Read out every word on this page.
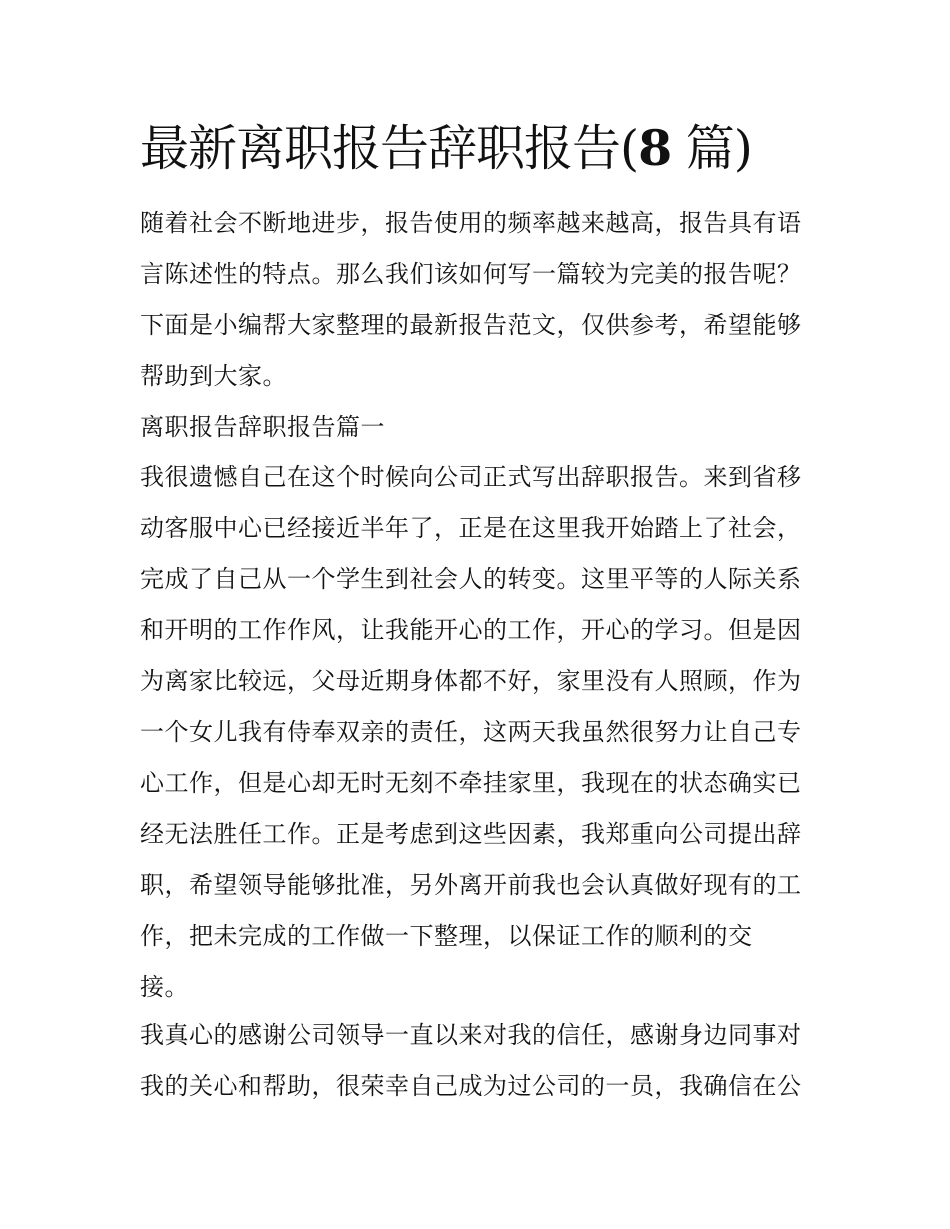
最新离职报告辞职报告(8 篇)
随着社会不断地进步，报告使用的频率越来越高，报告具有语
言陈述性的特点。那么我们该如何写一篇较为完美的报告呢？
下面是小编帮大家整理的最新报告范文，仅供参考，希望能够
帮助到大家。
离职报告辞职报告篇一
我很遗憾自己在这个时候向公司正式写出辞职报告。来到省移
动客服中心已经接近半年了，正是在这里我开始踏上了社会，
完成了自己从一个学生到社会人的转变。这里平等的人际关系
和开明的工作作风，让我能开心的工作，开心的学习。但是因
为离家比较远，父母近期身体都不好，家里没有人照顾，作为
一个女儿我有侍奉双亲的责任，这两天我虽然很努力让自己专
心工作，但是心却无时无刻不牵挂家里，我现在的状态确实已
经无法胜任工作。正是考虑到这些因素，我郑重向公司提出辞
职，希望领导能够批准，另外离开前我也会认真做好现有的工
作，把未完成的工作做一下整理，以保证工作的顺利的交
接。
我真心的感谢公司领导一直以来对我的信任，感谢身边同事对
我的关心和帮助，很荣幸自己成为过公司的一员，我确信在公
